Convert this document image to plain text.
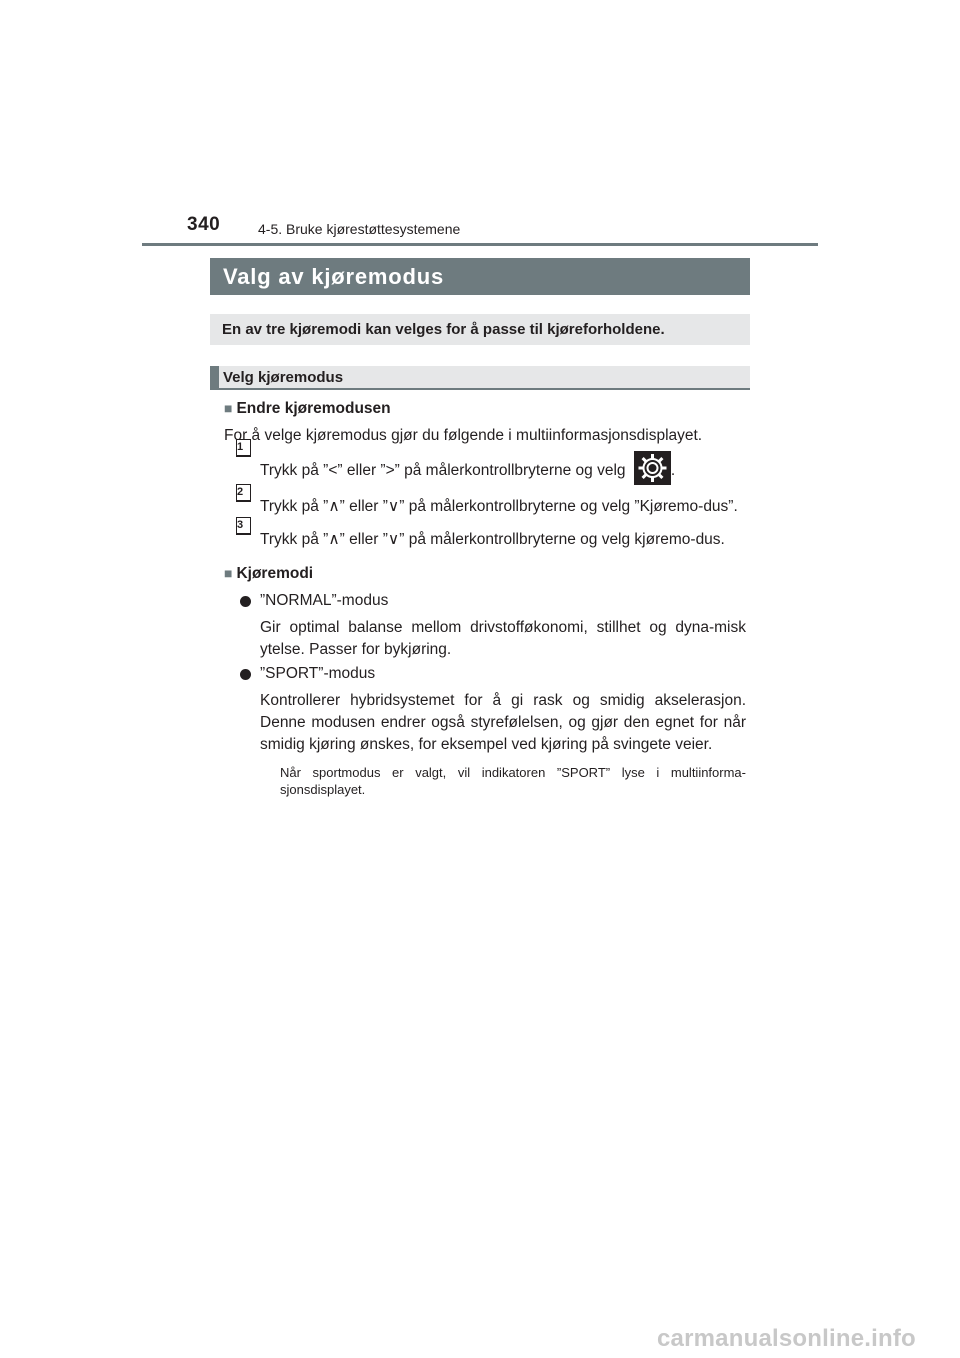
340	4-5. Bruke kjørestøttesystemene
Valg av kjøremodus
En av tre kjøremodi kan velges for å passe til kjøreforholdene.
Velg kjøremodus
■ Endre kjøremodusen
For å velge kjøremodus gjør du følgende i multiinformasjonsdisplayet.
1
Trykk på ”<” eller ”>” på målerkontrollbryterne og velg	.
2
Trykk på ”∧” eller ”∨” på målerkontrollbryterne og velg ”Kjøremo-dus”.
3
Trykk på ”∧” eller ”∨” på målerkontrollbryterne og velg kjøremo-dus.
■ Kjøremodi
”NORMAL”-modus
Gir optimal balanse mellom drivstofføkonomi, stillhet og dyna-misk ytelse. Passer for bykjøring.
”SPORT”-modus
Kontrollerer hybridsystemet for å gi rask og smidig akselerasjon. Denne modusen endrer også styrefølelsen, og gjør den egnet for når smidig kjøring ønskes, for eksempel ved kjøring på svingete veier.
Når sportmodus er valgt, vil indikatoren ”SPORT” lyse i multiinforma-sjonsdisplayet.
carmanualsonline.info
